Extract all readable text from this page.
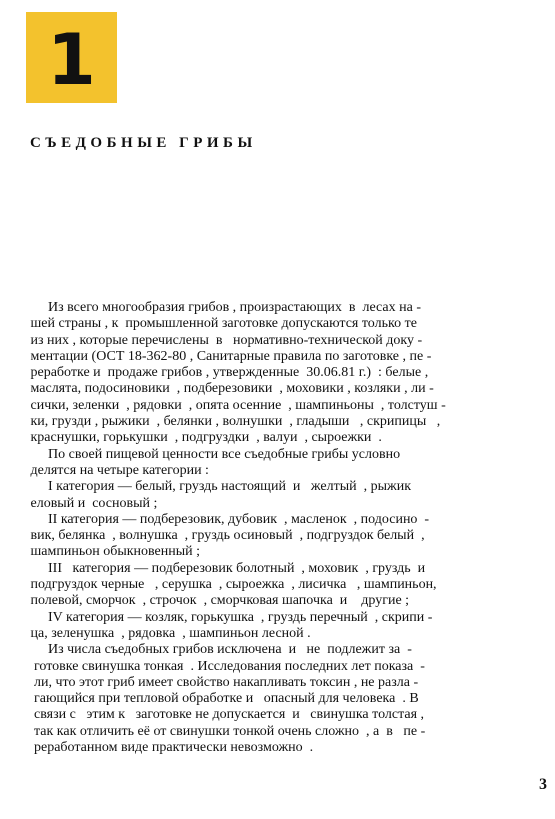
1
СЪЕДОБНЫЕ ГРИБЫ
Из всего многообразия грибов , произрастающих  в  лесах на -
шей страны , к  промышленной заготовке допускаются только те
из них , которые перечислены  в   нормативно-технической доку -
ментации (ОСТ 18-362-80 , Санитарные правила по заготовке , пе -
реработке и  продаже грибов , утвержденные  30.06.81 г.)  : белые ,
маслята, подосиновики  , подберезовики  , моховики , козляки , ли -
сички, зеленки  , рядовки  , опята осенние  , шампиньоны  , толстуш -
ки, грузди , рыжики  , белянки , волнушки  , гладыши   , скрипицы   ,
краснушки, горькушки  , подгруздки  , валуи  , сыроежки  .
По своей пищевой ценности все съедобные грибы условно
делятся на четыре категории :
I категория — белый, груздь настоящий  и   желтый  , рыжик
еловый и  сосновый ;
II категория — подберезовик, дубовик  , масленок  , подосино  -
вик, белянка  , волнушка  , груздь осиновый  , подгруздок белый  ,
шампиньон обыкновенный ;
III   категория — подберезовик болотный  , моховик  , груздь  и
подгруздок черные   , серушка  , сыроежка  , лисичка   , шампиньон,
полевой, сморчок  , строчок  , сморчковая шапочка  и    другие ;
IV категория — козляк, горькушка  , груздь перечный  , скрипи -
ца, зеленушка  , рядовка  , шампиньон лесной .
Из числа съедобных грибов исключена  и   не  подлежит за  -
готовке свинушка тонкая  . Исследования последних лет показа  -
ли, что этот гриб имеет свойство накапливать токсин , не разла -
гающийся при тепловой обработке и   опасный для человека  . В
связи с   этим к   заготовке не допускается  и   свинушка толстая ,
так как отличить её от свинушки тонкой очень сложно  , а  в   пе -
реработанном виде практически невозможно  .
3
